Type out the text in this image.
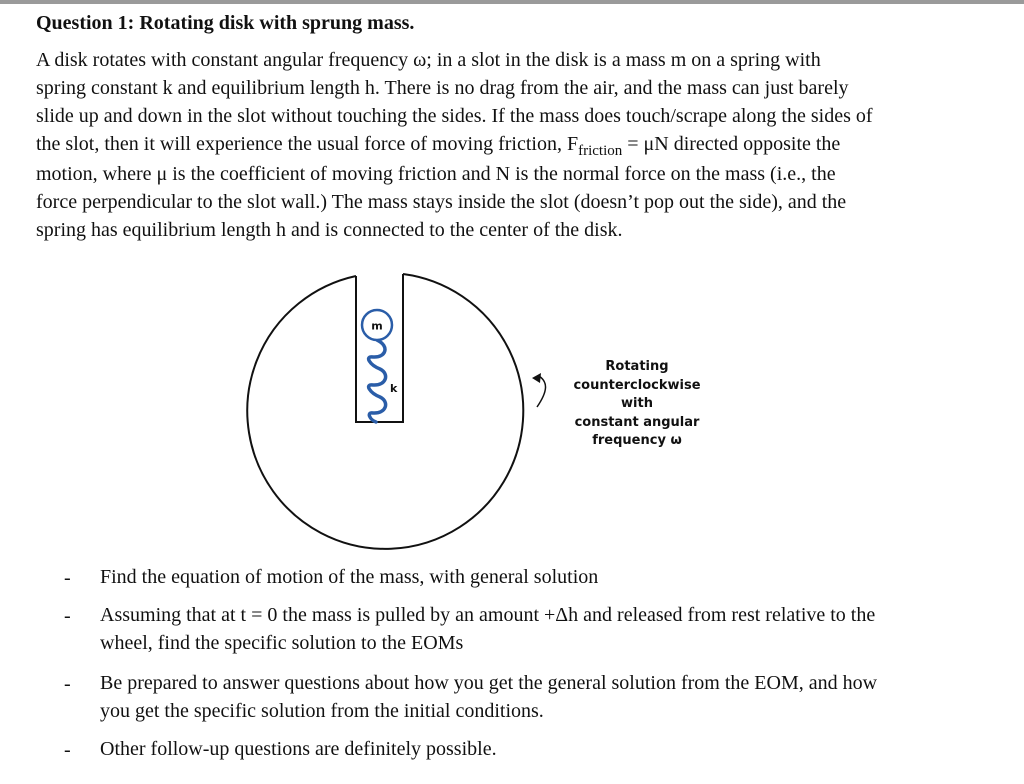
Question 1: Rotating disk with sprung mass.
A disk rotates with constant angular frequency ω; in a slot in the disk is a mass m on a spring with
spring constant k and equilibrium length h. There is no drag from the air, and the mass can just barely
slide up and down in the slot without touching the sides. If the mass does touch/scrape along the sides of
the slot, then it will experience the usual force of moving friction, $F_{friction} = \mu N$ directed opposite the
motion, where μ is the coefficient of moving friction and N is the normal force on the mass (i.e., the
force perpendicular to the slot wall.) The mass stays inside the slot (doesn’t pop out the side), and the
spring has equilibrium length h and is connected to the center of the disk.
m
k
Rotating
counterclockwise with
constant angular
frequency ω
- Find the equation of motion of the mass, with general solution
- Assuming that at t = 0 the mass is pulled by an amount +Δh and released from rest relative to the
wheel, find the specific solution to the EOMs
- Be prepared to answer questions about how you get the general solution from the EOM, and how
you get the specific solution from the initial conditions.
- Other follow-up questions are definitely possible.
